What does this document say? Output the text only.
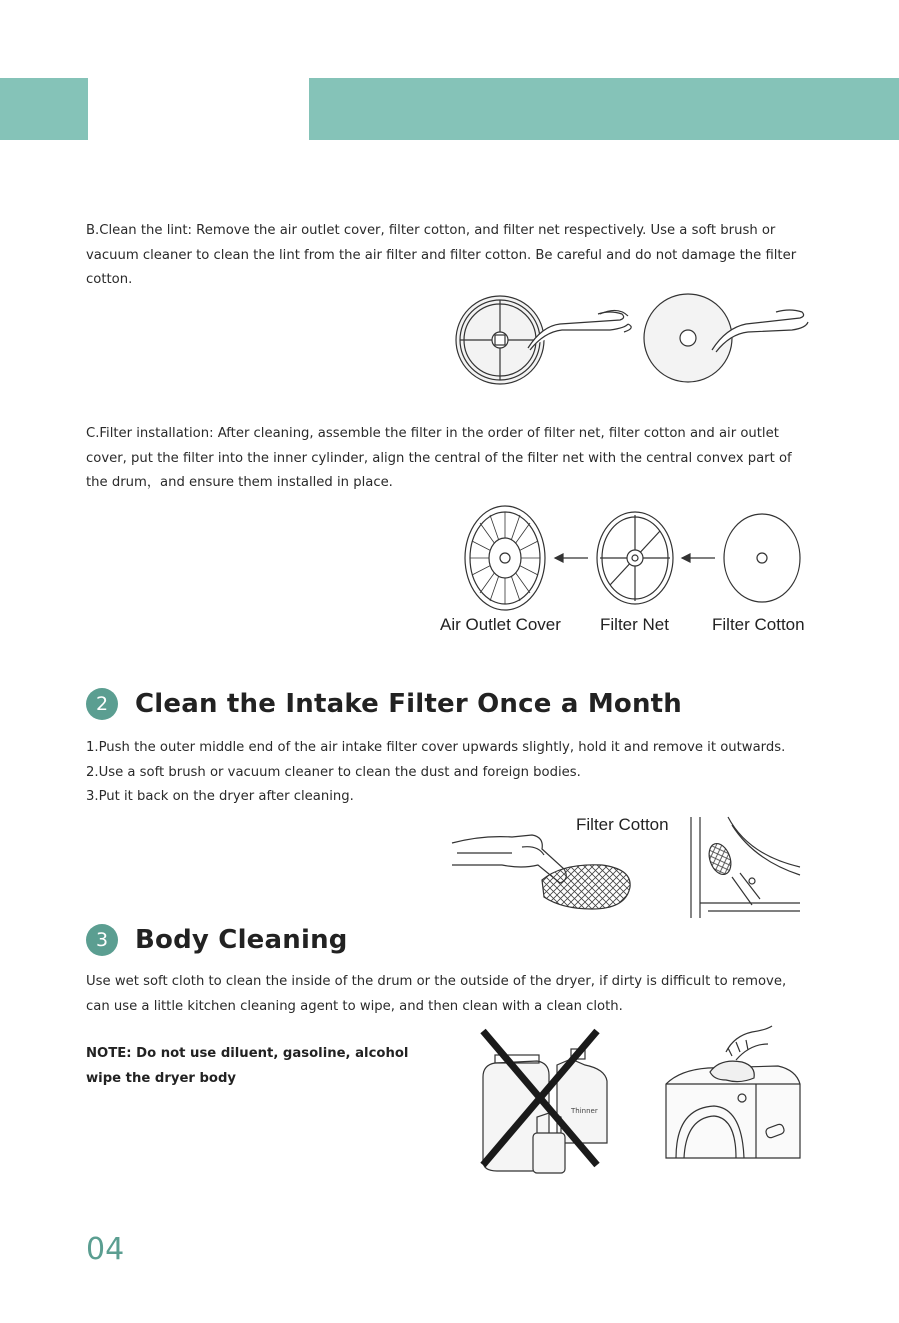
B.Clean the lint: Remove the air outlet cover, filter cotton, and filter net respectively. Use a soft brush or vacuum cleaner to clean the lint from the air filter and filter cotton. Be careful and do not damage the filter cotton.

C.Filter installation: After cleaning, assemble the filter in the order of filter net, filter cotton and air outlet cover, put the filter into the inner cylinder, align the central of the filter net with the central convex part of the drum，and ensure them installed in place.

Air Outlet Cover Filter Net	Filter Cotton
2	Clean the Intake Filter Once a Month
1.Push the outer middle end of the air intake filter cover upwards slightly, hold it and remove it outwards.
2.Use a soft brush or vacuum cleaner to clean the dust and foreign bodies.
3.Put it back on the dryer after cleaning.
Filter Cotton
3	Body Cleaning

Use wet soft cloth to clean the inside of the drum or the outside of the dryer, if dirty is difficult to remove, can use a little kitchen cleaning agent to wipe, and then clean with a clean cloth.

NOTE: Do not use diluent, gasoline, alcohol wipe the dryer body

Thinner
04
